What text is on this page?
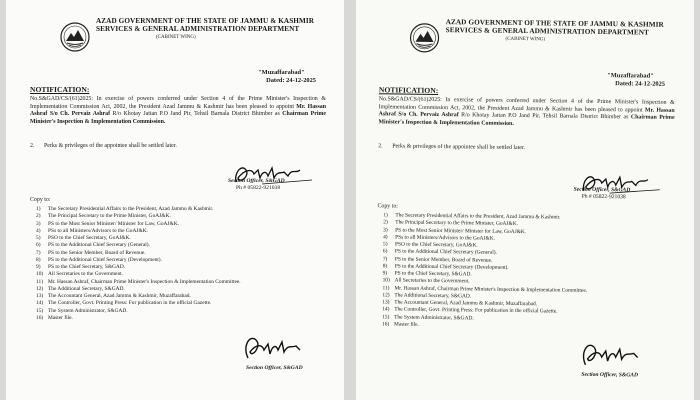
AZAD GOVERNMENT OF THE STATE OF JAMMU & KASHMIR
SERVICES & GENERAL ADMINISTRATION DEPARTMENT
(CABINET WING)
"Muzaffarabad"
Dated: 24-12-2025
NOTIFICATION:
No.S&GAD/CS/(61)2025: In exercise of powers conferred under Section 4 of the Prime Minister's Inspection & Implementation Commission Act, 2002, the President Azad Jammu & Kashmir has been pleased to appoint Mr. Hassan Ashraf S/o Ch. Pervaiz Ashraf R/o Khotay Jattan P.O Jand Pir, Tehsil Barnala District Bhimber as Chairman Prime Minister's Inspection & Implementation Commission.
2. Perks & privileges of the appointee shall be settled later.
Section Officer, S&GAD
Ph # 05822-921038
Copy to:
1) The Secretary Presidential Affairs to the President, Azad Jammu & Kashmir.
2) The Principal Secretary to the Prime Minister, GoAJ&K.
3) PS to the Most Senior Minister/ Minister for Law, GoAJ&K.
4) PSs to all Ministers/Advisors to the GoAJ&K.
5) PSO to the Chief Secretary, GoAJ&K.
6) PS to the Additional Chief Secretary (General).
7) PS to the Senior Member, Board of Revenue.
8) PS to the Additional Chief Secretary (Development).
9) PS to the Chief Secretary, S&GAD.
10) All Secretaries to the Government.
11) Mr. Hassan Ashraf, Chairman Prime Minister's Inspection & Implementation Committee.
12) The Additional Secretary, S&GAD.
13) The Accountant General, Azad Jammu & Kashmir, Muzaffarabad.
14) The Controller, Govt. Printing Press: For publication in the official Gazette.
15) The System Administrator, S&GAD.
16) Master file.
Section Officer, S&GAD
AZAD GOVERNMENT OF THE STATE OF JAMMU & KASHMIR
SERVICES & GENERAL ADMINISTRATION DEPARTMENT
(CABINET WING)
"Muzaffarabad"
Dated: 24-12-2025
NOTIFICATION:
No.S&GAD/CS/(61)2025: In exercise of powers conferred under Section 4 of the Prime Minister's Inspection & Implementation Commission Act, 2002, the President Azad Jammu & Kashmir has been pleased to appoint Mr. Hassan Ashraf S/o Ch. Pervaiz Ashraf R/o Khotay Jattan P.O Jand Pir, Tehsil Barnala District Bhimber as Chairman Prime Minister's Inspection & Implementation Commission.
2. Perks & privileges of the appointee shall be settled later.
Section Officer, S&GAD
Ph # 05822-921038
Copy to:
1) The Secretary Presidential Affairs to the President, Azad Jammu & Kashmir.
2) The Principal Secretary to the Prime Minister, GoAJ&K.
3) PS to the Most Senior Minister/ Minister for Law, GoAJ&K.
4) PSs to all Ministers/Advisors to the GoAJ&K.
5) PSO to the Chief Secretary, GoAJ&K.
6) PS to the Additional Chief Secretary (General).
7) PS to the Senior Member, Board of Revenue.
8) PS to the Additional Chief Secretary (Development).
9) PS to the Chief Secretary, S&GAD.
10) All Secretaries to the Government.
11) Mr. Hassan Ashraf, Chairman Prime Minister's Inspection & Implementation Committee.
12) The Additional Secretary, S&GAD.
13) The Accountant General, Azad Jammu & Kashmir, Muzaffarabad.
14) The Controller, Govt. Printing Press: For publication in the official Gazette.
15) The System Administrator, S&GAD.
16) Master file.
Section Officer, S&GAD
